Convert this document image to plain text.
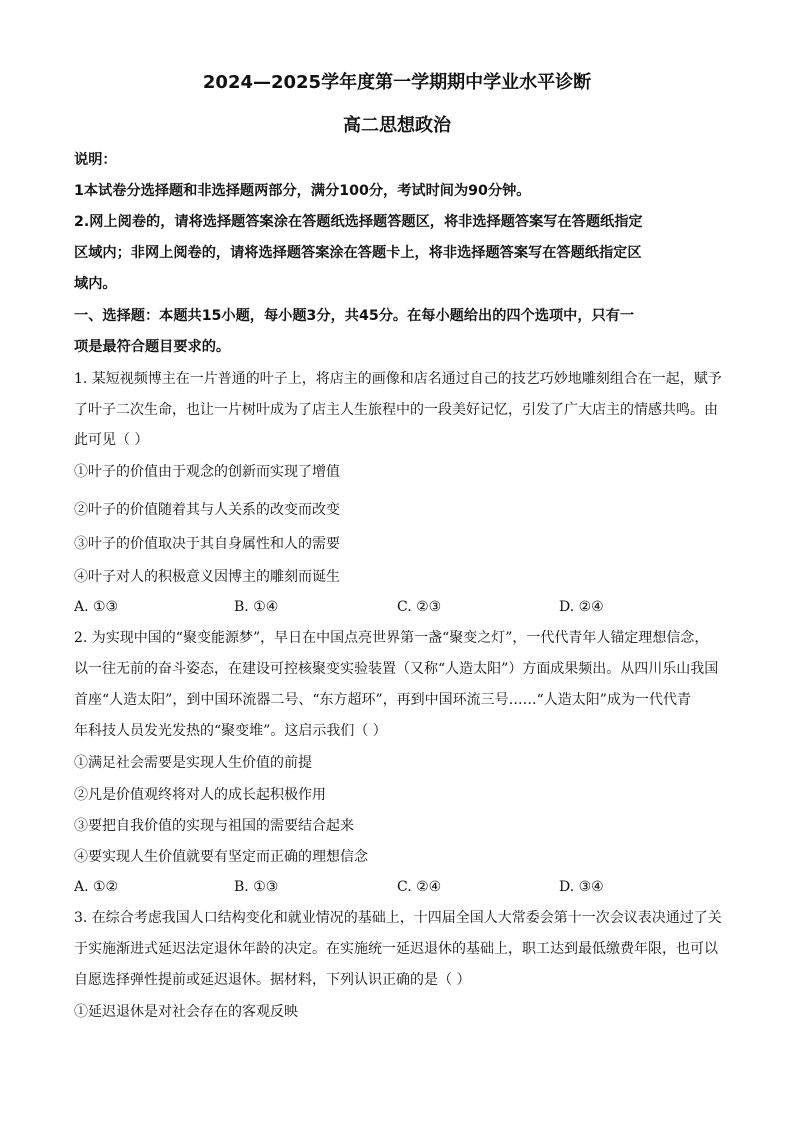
2024—2025学年度第一学期期中学业水平诊断
高二思想政治
说明：
1本试卷分选择题和非选择题两部分，满分100分，考试时间为90分钟。
2.网上阅卷的，请将选择题答案涂在答题纸选择题答题区，将非选择题答案写在答题纸指定
区域内；非网上阅卷的，请将选择题答案涂在答题卡上，将非选择题答案写在答题纸指定区
域内。
一、选择题：本题共15小题，每小题3分，共45分。在每小题给出的四个选项中，只有一
项是最符合题目要求的。
1. 某短视频博主在一片普通的叶子上，将店主的画像和店名通过自己的技艺巧妙地雕刻组合在一起，赋予
了叶子二次生命，也让一片树叶成为了店主人生旅程中的一段美好记忆，引发了广大店主的情感共鸣。由
此可见（ ）
①叶子的价值由于观念的创新而实现了增值
②叶子的价值随着其与人关系的改变而改变
③叶子的价值取决于其自身属性和人的需要
④叶子对人的积极意义因博主的雕刻而诞生
A. ①③	B. ①④	C. ②③	D. ②④
2. 为实现中国的“聚变能源梦”，早日在中国点亮世界第一盏“聚变之灯”，一代代青年人锚定理想信念，
以一往无前的奋斗姿态，在建设可控核聚变实验装置（又称“人造太阳”）方面成果频出。从四川乐山我国
首座“人造太阳”，到中国环流器二号、“东方超环”，再到中国环流三号……“人造太阳”成为一代代青
年科技人员发光发热的“聚变堆”。这启示我们（ ）
①满足社会需要是实现人生价值的前提
②凡是价值观终将对人的成长起积极作用
③要把自我价值的实现与祖国的需要结合起来
④要实现人生价值就要有坚定而正确的理想信念
A. ①②	B. ①③	C. ②④	D. ③④
3. 在综合考虑我国人口结构变化和就业情况的基础上，十四届全国人大常委会第十一次会议表决通过了关
于实施渐进式延迟法定退休年龄的决定。在实施统一延迟退休的基础上，职工达到最低缴费年限，也可以
自愿选择弹性提前或延迟退休。据材料，下列认识正确的是（ ）
①延迟退休是对社会存在的客观反映
